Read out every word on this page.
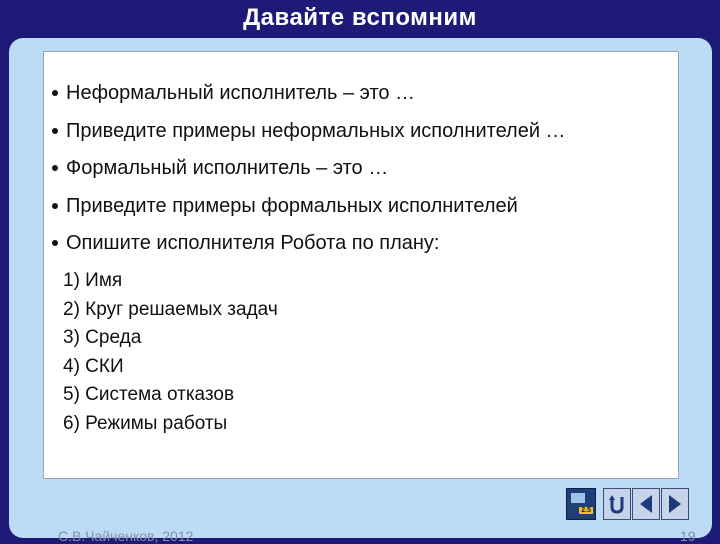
Давайте вспомним
Неформальный исполнитель – это …
Приведите примеры неформальных исполнителей …
Формальный исполнитель – это …
Приведите примеры формальных исполнителей
Опишите исполнителя Робота по плану:
1) Имя
2) Круг решаемых задач
3) Среда
4) СКИ
5) Система отказов
6) Режимы работы
2.5
С.В.Чайченков, 2012	19
